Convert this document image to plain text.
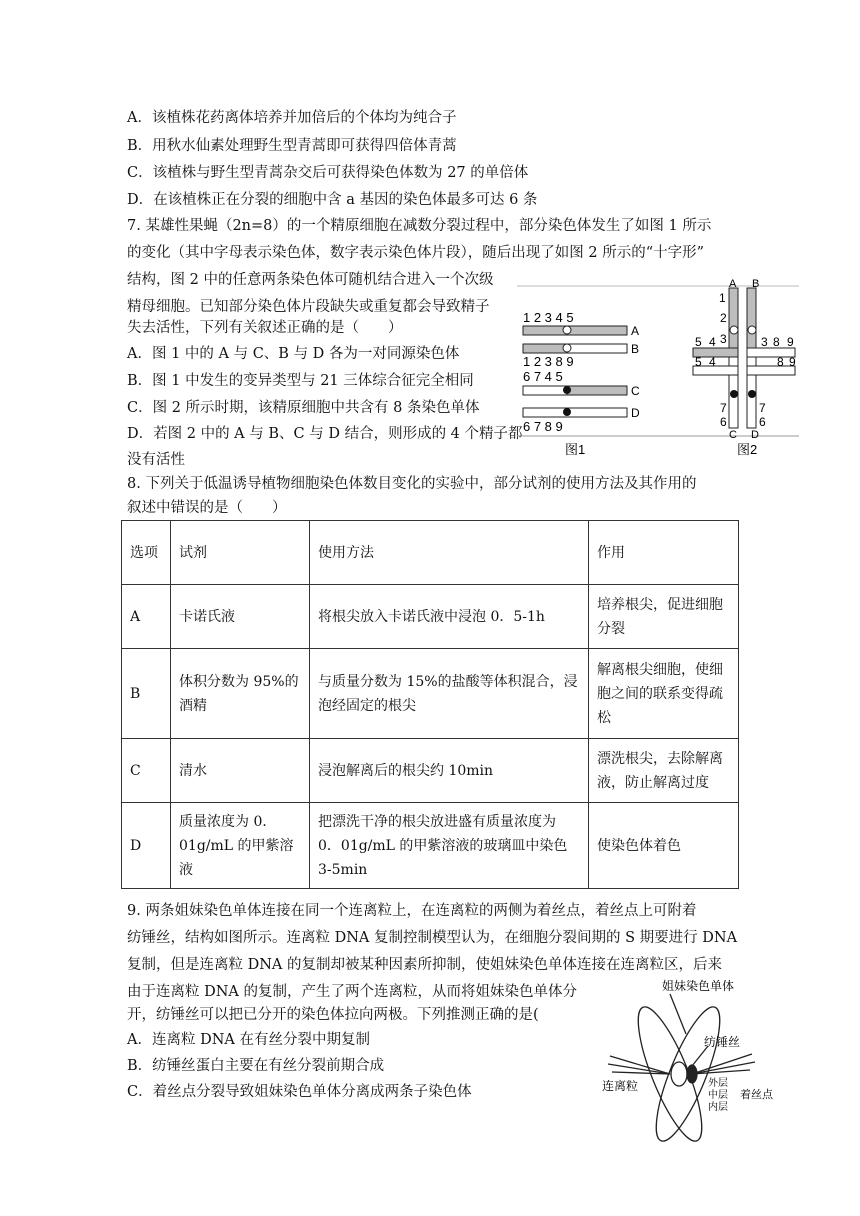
A．该植株花药离体培养并加倍后的个体均为纯合子
B．用秋水仙素处理野生型青蒿即可获得四倍体青蒿
C．该植株与野生型青蒿杂交后可获得染色体数为 27 的单倍体
D．在该植株正在分裂的细胞中含 a 基因的染色体最多可达 6 条
7. 某雄性果蝇（2n=8）的一个精原细胞在减数分裂过程中，部分染色体发生了如图 1 所示
的变化（其中字母表示染色体，数字表示染色体片段），随后出现了如图 2 所示的“十字形”
结构，图 2 中的任意两条染色体可随机结合进入一个次级
精母细胞。已知部分染色体片段缺失或重复都会导致精子
失去活性，下列有关叙述正确的是（　　）
A．图 1 中的 A 与 C、B 与 D 各为一对同源染色体
B．图 1 中发生的变异类型与 21 三体综合征完全相同
C．图 2 所示时期，该精原细胞中共含有 8 条染色单体
D．若图 2 中的 A 与 B、C 与 D 结合，则形成的 4 个精子都
没有活性
1 2 3 4 5
A
1 2 3 8 9
B
6 7 4 5
C
6 7 8 9
D
图1
A B
1
2
3
5 4	3 8 9
5 4	8 9
7
6
7
6
C D
图2
8. 下列关于低温诱导植物细胞染色体数目变化的实验中，部分试剂的使用方法及其作用的
叙述中错误的是（　　）
选项	试剂	使用方法	作用
A	卡诺氏液	将根尖放入卡诺氏液中浸泡 0．5-1h	培养根尖，促进细胞分裂
B	体积分数为 95%的酒精	与质量分数为 15%的盐酸等体积混合，浸泡经固定的根尖	解离根尖细胞，使细胞之间的联系变得疏松
C	清水	浸泡解离后的根尖约 10min	漂洗根尖，去除解离液，防止解离过度
D	质量浓度为 0．01g/mL 的甲紫溶液	把漂洗干净的根尖放进盛有质量浓度为 0．01g/mL 的甲紫溶液的玻璃皿中染色 3-5min	使染色体着色
9. 两条姐妹染色单体连接在同一个连离粒上，在连离粒的两侧为着丝点，着丝点上可附着
纺锤丝，结构如图所示。连离粒 DNA 复制控制模型认为，在细胞分裂间期的 S 期要进行 DNA
复制，但是连离粒 DNA 的复制却被某种因素所抑制，使姐妹染色单体连接在连离粒区，后来
由于连离粒 DNA 的复制，产生了两个连离粒，从而将姐妹染色单体分
开，纺锤丝可以把已分开的染色体拉向两极。下列推测正确的是(
A．连离粒 DNA 在有丝分裂中期复制
B．纺锤丝蛋白主要在有丝分裂前期合成
C．着丝点分裂导致姐妹染色单体分离成两条子染色体
姐妹染色单体
纺锤丝
连离粒	外层
中层
内层
着丝点
